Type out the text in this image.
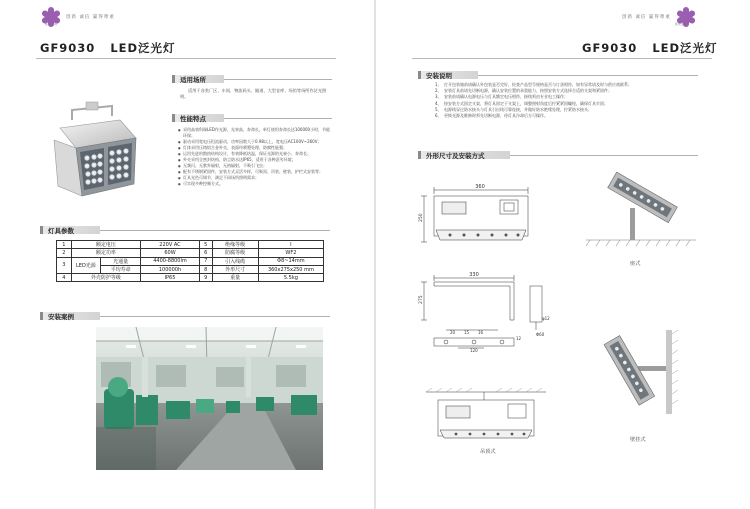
创新 诚信 赢得尊重
紫光照明
GF9030 LED泛光灯
适用场所
适用于各类厂区、车间、物流码头、隧道、大型仓库、场馆等场所作泛光照明。
性能特点
● 采用高效科瑞LED作光源，光效高、寿命长，单灯使用寿命长达100000小时，节能环保；
● 驱动采用宽电压恒流驱动，功率因数大于0.98以上，宽电压AC100V~260V；
● 灯体采用压铸铝合金外壳，表面经喷塑处理，防腐性能强；
● 运用先进的散热结构设计，有效降低结温，保证光源的光衰小、寿命长；
● 外壳采用全密封结构，防尘防水达IP65，适用于各种恶劣环境；
● 无频闪、无紫外辐射，无热辐射，不吸引飞虫；
● 配有不锈钢紧固件，安装方式灵活多样，可吸顶、吊装、壁装、护栏式安装等；
● 灯具光色可调节，满足不同场所照明需求；
● 可实现多种控制方式。
灯具参数
1	额定电压		220V AC	5	绝缘等级	I
2	额定功率		60W	6	防腐等级	WF2
3	LED光源	光通量	4400-8800lm	7	引入线缆	Φ8~14mm
		平均寿命	100000h	8	外形尺寸	360x275x250 mm
4	外壳防护等级		IP65	9	重量	5.5kg
安装案例
创新 诚信 赢得尊重
紫光照明
GF9030 LED泛光灯
安装说明
1、 打开包装箱前请确认外包装是否完好，检查产品型号规格是否与订货相符，如有异常请及时与供应商联系；
2、 安装灯具前请先切断电源，确认安装位置的承重能力，按照安装方式选择合适的支架和紧固件；
3、 安装前请确认电源电压与灯具额定电压相符，接线须由专业电工操作；
4、 按安装方式固定支架，将灯具固定于支架上，调整照射角度后拧紧紧固螺栓，确保灯具牢固；
5、 电源线穿过防水接头与灯具引出线可靠连接，并做好防水绝缘处理，拧紧防水接头；
6、 更换光源及维修时须先切断电源，待灯具冷却后方可操作。
外形尺寸及安装方式
360
250
330
275
20 15 16
12
120
φ12
Φ60
吊顶式
座式
壁挂式
